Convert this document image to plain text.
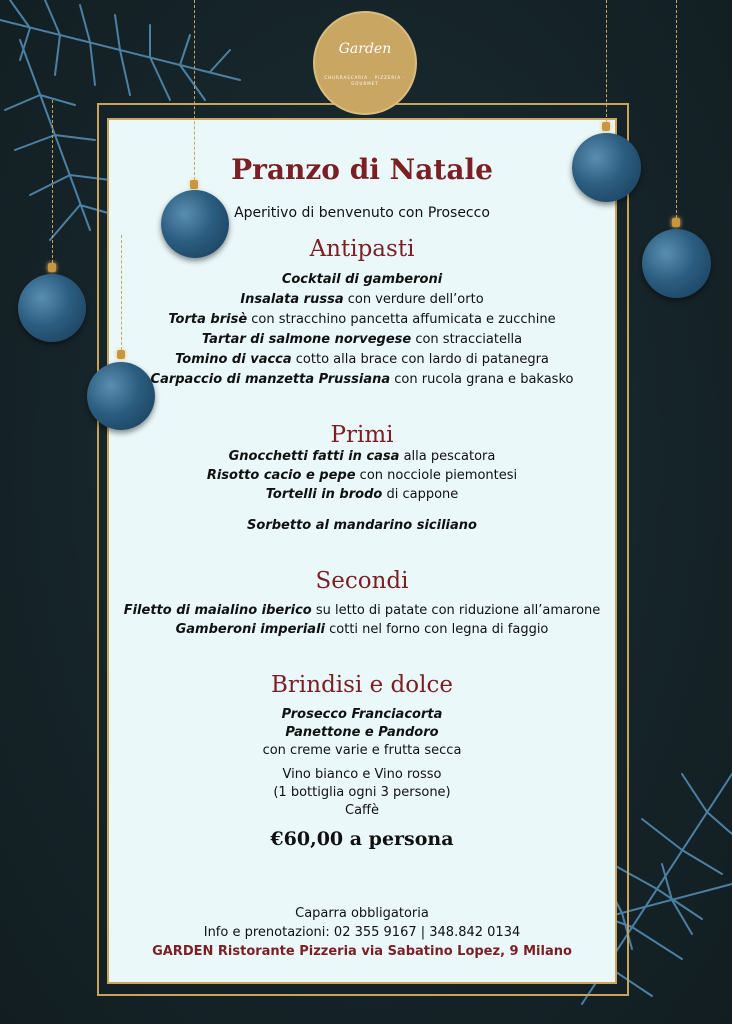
Garden
CHURRASCARIA · PIZZERIA · GOURMET
Pranzo di Natale
Aperitivo di benvenuto con Prosecco
Antipasti
Cocktail di gamberoni
Insalata russa con verdure dell’orto
Torta brisè con stracchino pancetta affumicata e zucchine
Tartar di salmone norvegese con stracciatella
Tomino di vacca cotto alla brace con lardo di patanegra
Carpaccio di manzetta Prussiana con rucola grana e bakasko
Primi
Gnocchetti fatti in casa alla pescatora
Risotto cacio e pepe con nocciole piemontesi
Tortelli in brodo di cappone
Sorbetto al mandarino siciliano
Secondi
Filetto di maialino iberico su letto di patate con riduzione all’amarone
Gamberoni imperiali cotti nel forno con legna di faggio
Brindisi e dolce
Prosecco Franciacorta
Panettone e Pandoro
con creme varie e frutta secca
Vino bianco e Vino rosso
(1 bottiglia ogni 3 persone)
Caffè
€60,00 a persona
Caparra obbligatoria
Info e prenotazioni: 02 355 9167 | 348.842 0134
GARDEN Ristorante Pizzeria via Sabatino Lopez, 9 Milano
